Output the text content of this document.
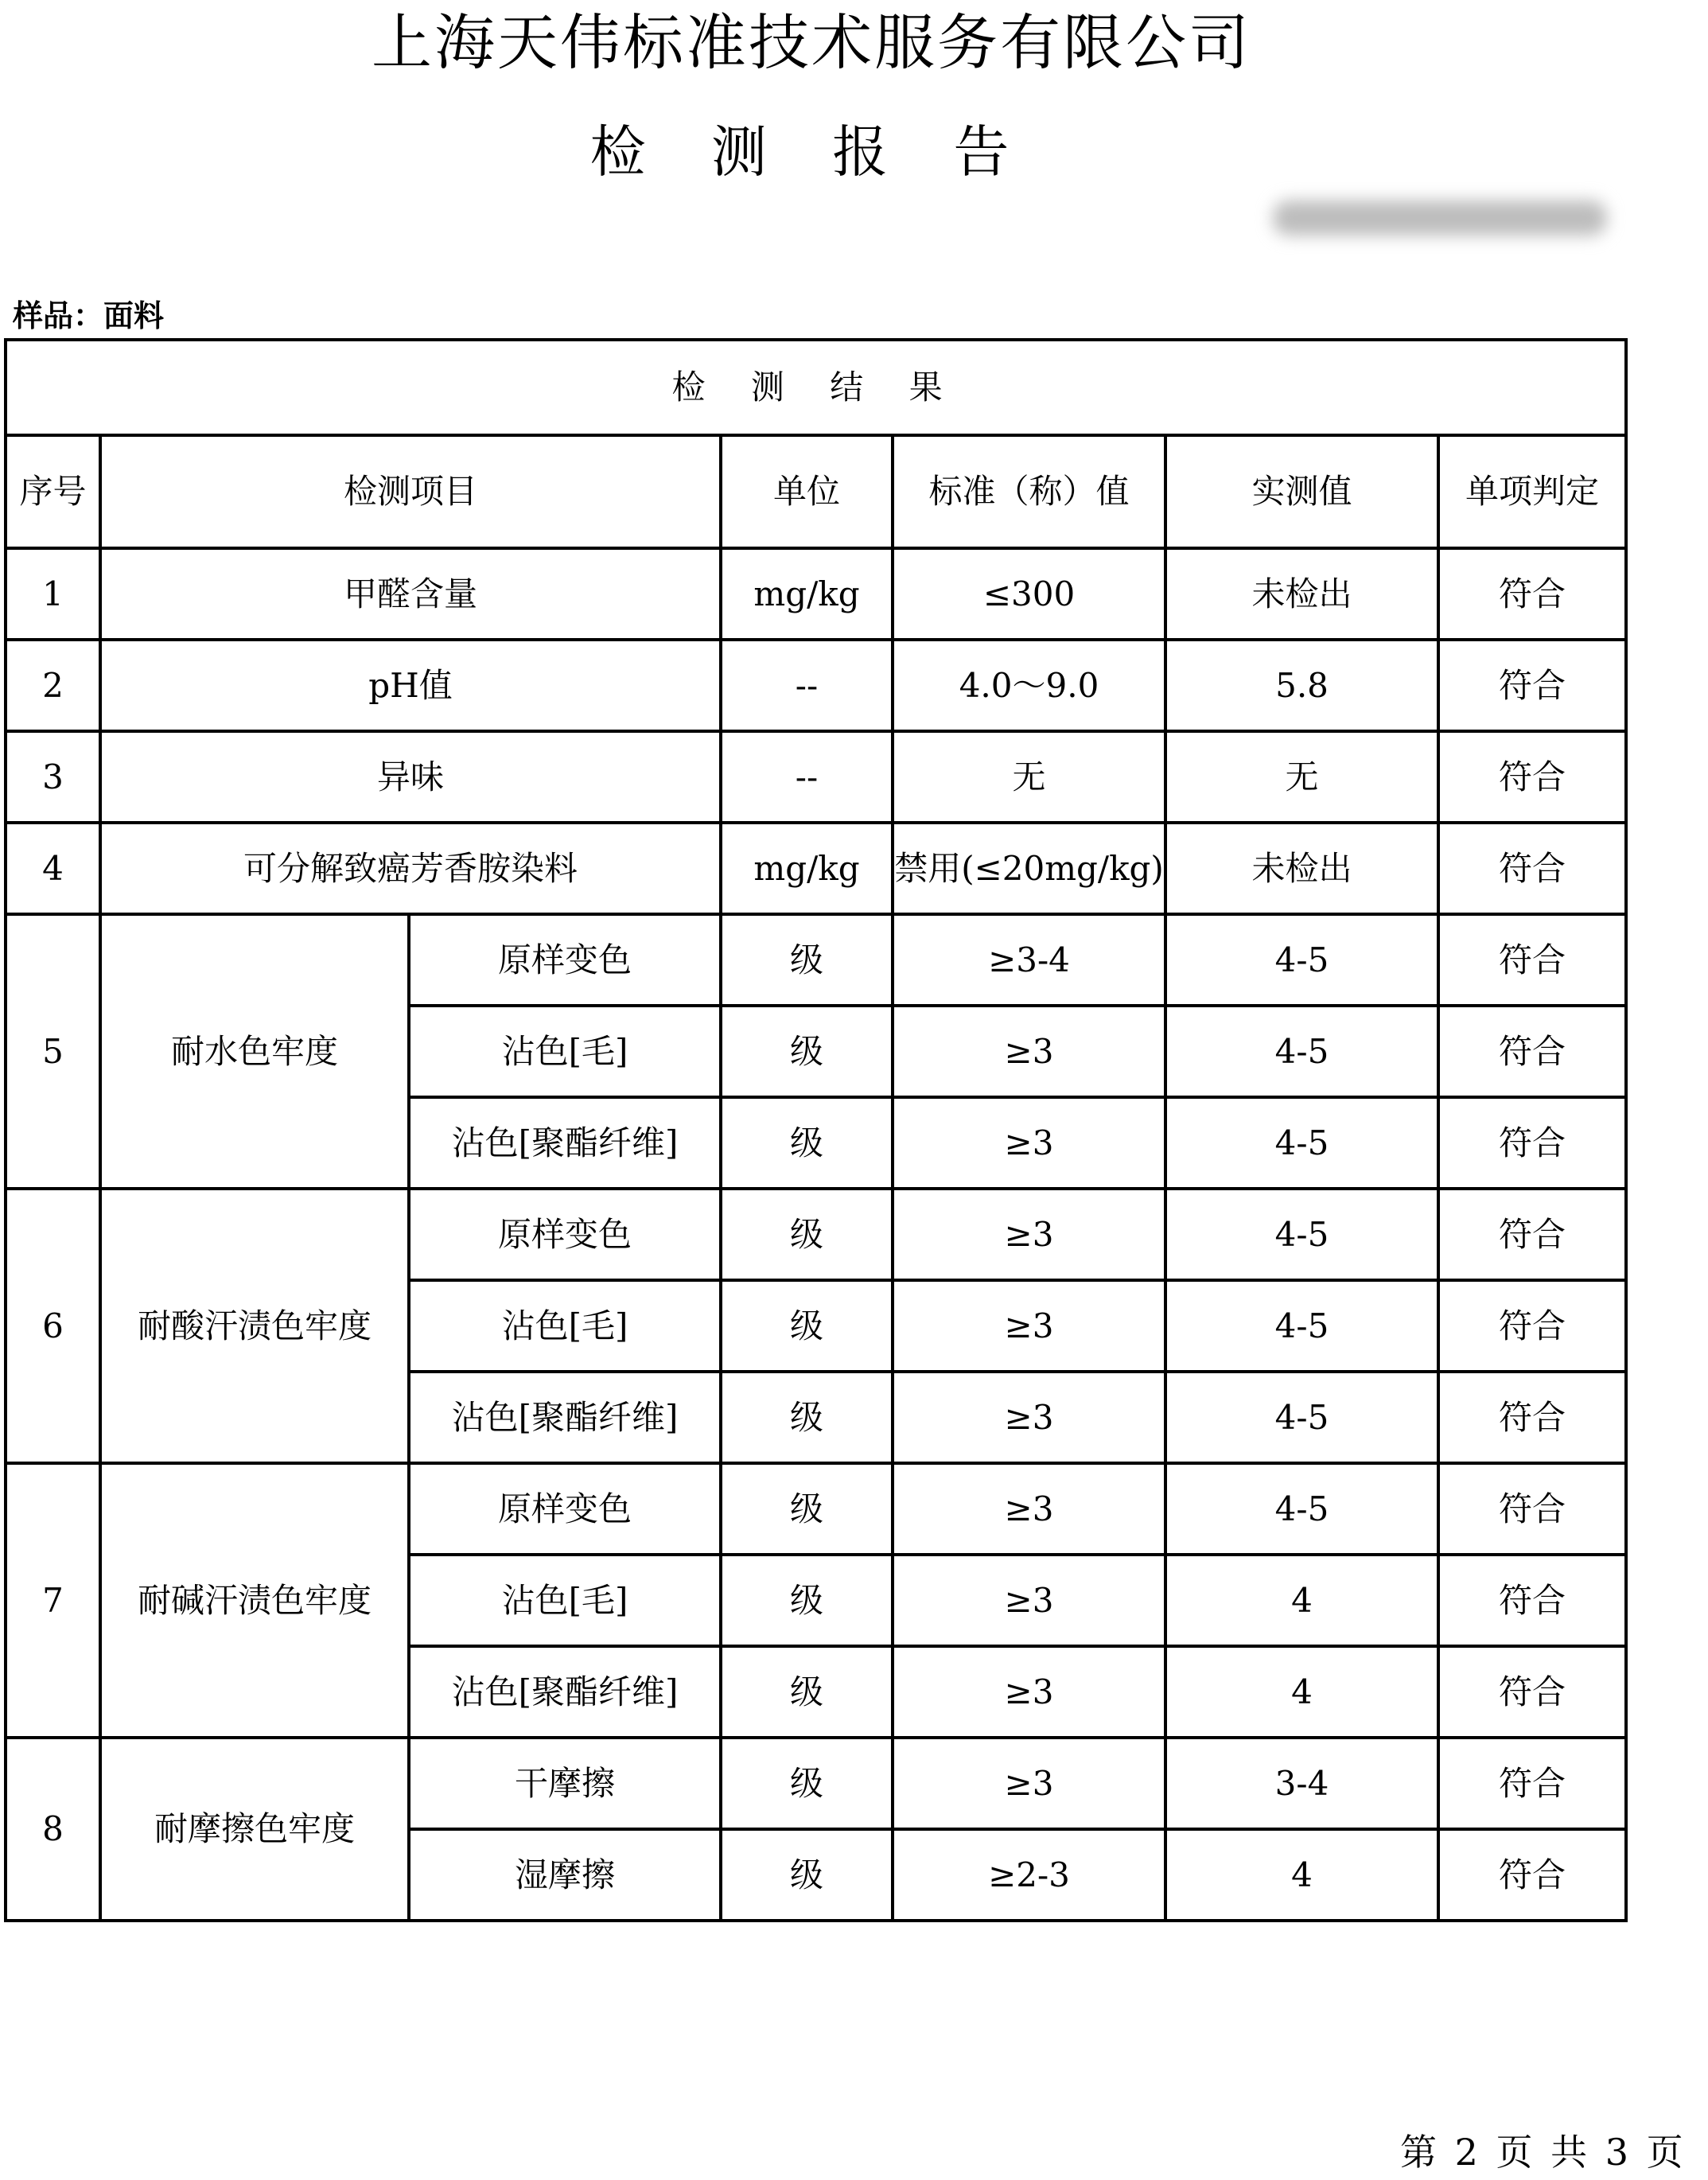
上海天伟标准技术服务有限公司
检 测 报 告
样品：面料
检 测 结 果						
序号	检测项目		单位	标准（称）值	实测值	单项判定
1	甲醛含量		mg/kg	≤300	未检出	符合
2	pH值		--	4.0～9.0	5.8	符合
3	异味		--	无	无	符合
4	可分解致癌芳香胺染料		mg/kg	禁用(≤20mg/kg)	未检出	符合
5	耐水色牢度	原样变色	级	≥3-4	4-5	符合
		沾色[毛]	级	≥3	4-5	符合
		沾色[聚酯纤维]	级	≥3	4-5	符合
6	耐酸汗渍色牢度	原样变色	级	≥3	4-5	符合
		沾色[毛]	级	≥3	4-5	符合
		沾色[聚酯纤维]	级	≥3	4-5	符合
7	耐碱汗渍色牢度	原样变色	级	≥3	4-5	符合
		沾色[毛]	级	≥3	4	符合
		沾色[聚酯纤维]	级	≥3	4	符合
8	耐摩擦色牢度	干摩擦	级	≥3	3-4	符合
		湿摩擦	级	≥2-3	4	符合
第 2 页 共 3 页
